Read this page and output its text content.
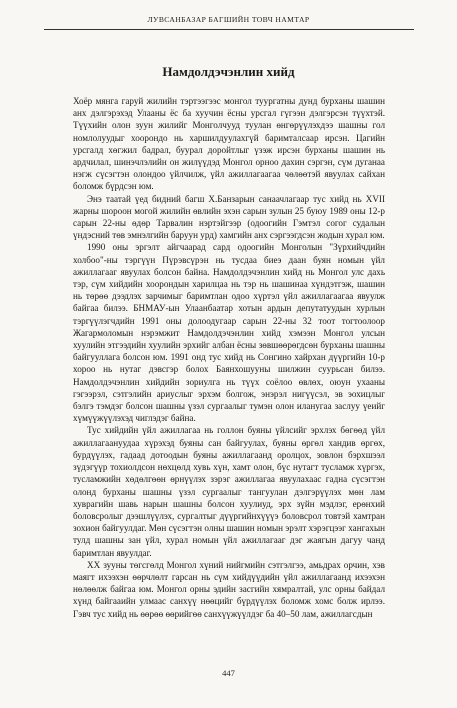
ЛУВСАНБАЗАР БАГШИЙН ТОВЧ НАМТАР
Намдолдэчэнлин хийд

Хоёр мянга гаруй жилийн тэртээгээс монгол туургатны дунд бурханы шашин анх дэлгэрэхэд Улааны ёс ба хуучин ёсны урсгал гүгээн дэлгэрсэн түүхтэй. Түүхийн олон зуун жилийг Монголчууд туулан өнгөрүүлэхдээ шашны гол номлолуудыг хоорондо нь харшилдуулахгүй баримталсаар ирсэн. Цагийн урсгалд хөгжил бадрал, буурал доройтлыг үзэж ирсэн бурханы шашин нь ардчилал, шинэчлэлийн он жилүүдэд Монгол орноо дахин сэргэн, сүм дуганаа нэгж сүсэгтэн олондоо үйлчилж, үйл ажиллагаагаа чөлөөтэй явуулах сайхан боломж бүрдсэн юм.

Энэ таатай үед бидний багш Х.Банзарын санаачлагаар тус хийд нь XVII жарны шороон могой жилийн өвлийн эхэн сарын зулын 25 буюу 1989 оны 12-р сарын 22-ны өдөр Тарвалин нэртэйгээр (одоогийн Гэмтэл согог судалын үндэсний төв эмнэлгийн баруун урд) хамгийн анх сэргээгдсэн жодын хурал юм.

1990 оны эргэлт айгчаарад сард одоогийн Монголын "Зүрхийчдийн холбоо"-ны тэргүүн Пүрэвсүрэн нь тусдаа биеэ даан буян номын үйл ажиллагааг явуулах болсон байна. Намдолдэчэнлин хийд нь Монгол улс дахь тэр, сүм хийдийн хоорондын харилцаа нь тэр нь шашинаа хүндэтгэж, шашин нь төрөө дээдлэх зарчимыг баримтлан одоо хүртэл үйл ажиллагаагаа явуулж байгаа билээ. БНМАУ-ын Улаанбаатар хотын ардын депутатуудын хурлын тэргүүлэгчдийн 1991 оны долоодугаар сарын 22-ны 32 тоот тогтоолоор Жагармоломын нэрэмжит Намдолдэчэнлин хийд хэмээн Монгол улсын хуулийн этгээдийн хуулийн эрхийг албан ёсны зөвшөөрөгдсөн бурханы шашны байгууллага болсон юм. 1991 онд тус хийд нь Сонгино хайрхан дүүргийн 10-р хороо нь нутаг дэвсгэр болох Баянхошууны шилжин суурьсан билээ. Намдолдэчэнлин хийдийн зориулга нь түүх соёлоо өвлөх, оюун ухааны гэгээрэл, сэтгэлийн ариуслыг эрхэм болгож, энэрэл нигүүсэл, эв эохицлыг бэлгэ тэмдэг болсон шашны үзэл сургаалыг тумэн олон иланугаа заслуу үеийг хүмүүжүүлэхэд чиглэдэг байна.

Тус хийдийн үйл ажиллагаа нь голлон буяны үйлсийг эрхлэх бөгөөд үйл ажиллагаануудаа хүрэхэд буяны сан байгуулах, буяны өргөл хандив өргөх, бурдүүлэх, гадаад дотоодын буяны ажиллагаанд оролцох, зовлон бэрхшээл зүдэгүүр тохиолдсон нөхцөлд хувь хүн, хамт олон, бүс нутагт тусламж хүргэх, тусламжийн хөдөлгөөн өрнүүлэх зэрэг ажиллагаа явуулахаас гадна сүсэгтэн олонд бурханы шашны үзэл сургаалыг тангуулан дэлгэрүүлэх мөн лам хуврагийн шавь нарын шашны болсон хуулиуд, эрх зүйн мэдлэг, ерөнхий боловсролыг дээшлүүлэх, сургалтыг дүүргийнхүүүэ боловсрол товтэй хамтран зохион байгуулдаг. Мөн сүсэгтэн олны шашин номын эрэлт хэрэгцээг хангахын тулд шашны зан үйл, хурал номын үйл ажиллагааг дэг жаягын дагуу чанд баримтлан явуулдаг.

XX зууны төгсгөлд Монгол хүний нийгмийн сэтгэлгээ, амьдрах орчин, хэв маягт ихээхэн өөрчлөлт гарсан нь сүм хийдүүдийн үйл ажиллагаанд ихээхэн нөлөөлж байгаа юм. Монгол орны эдийн засгийн хямралтай, улс орны байдал хүнд байгааийн улмаас санхүү нөөцийг бүрдүүлэх боломж хомс болж ирлээ. Гэвч тус хийд нь өөрөө өөрийгөө санхүүжүүлдэг ба 40–50 лам, ажиллагсдын

447
